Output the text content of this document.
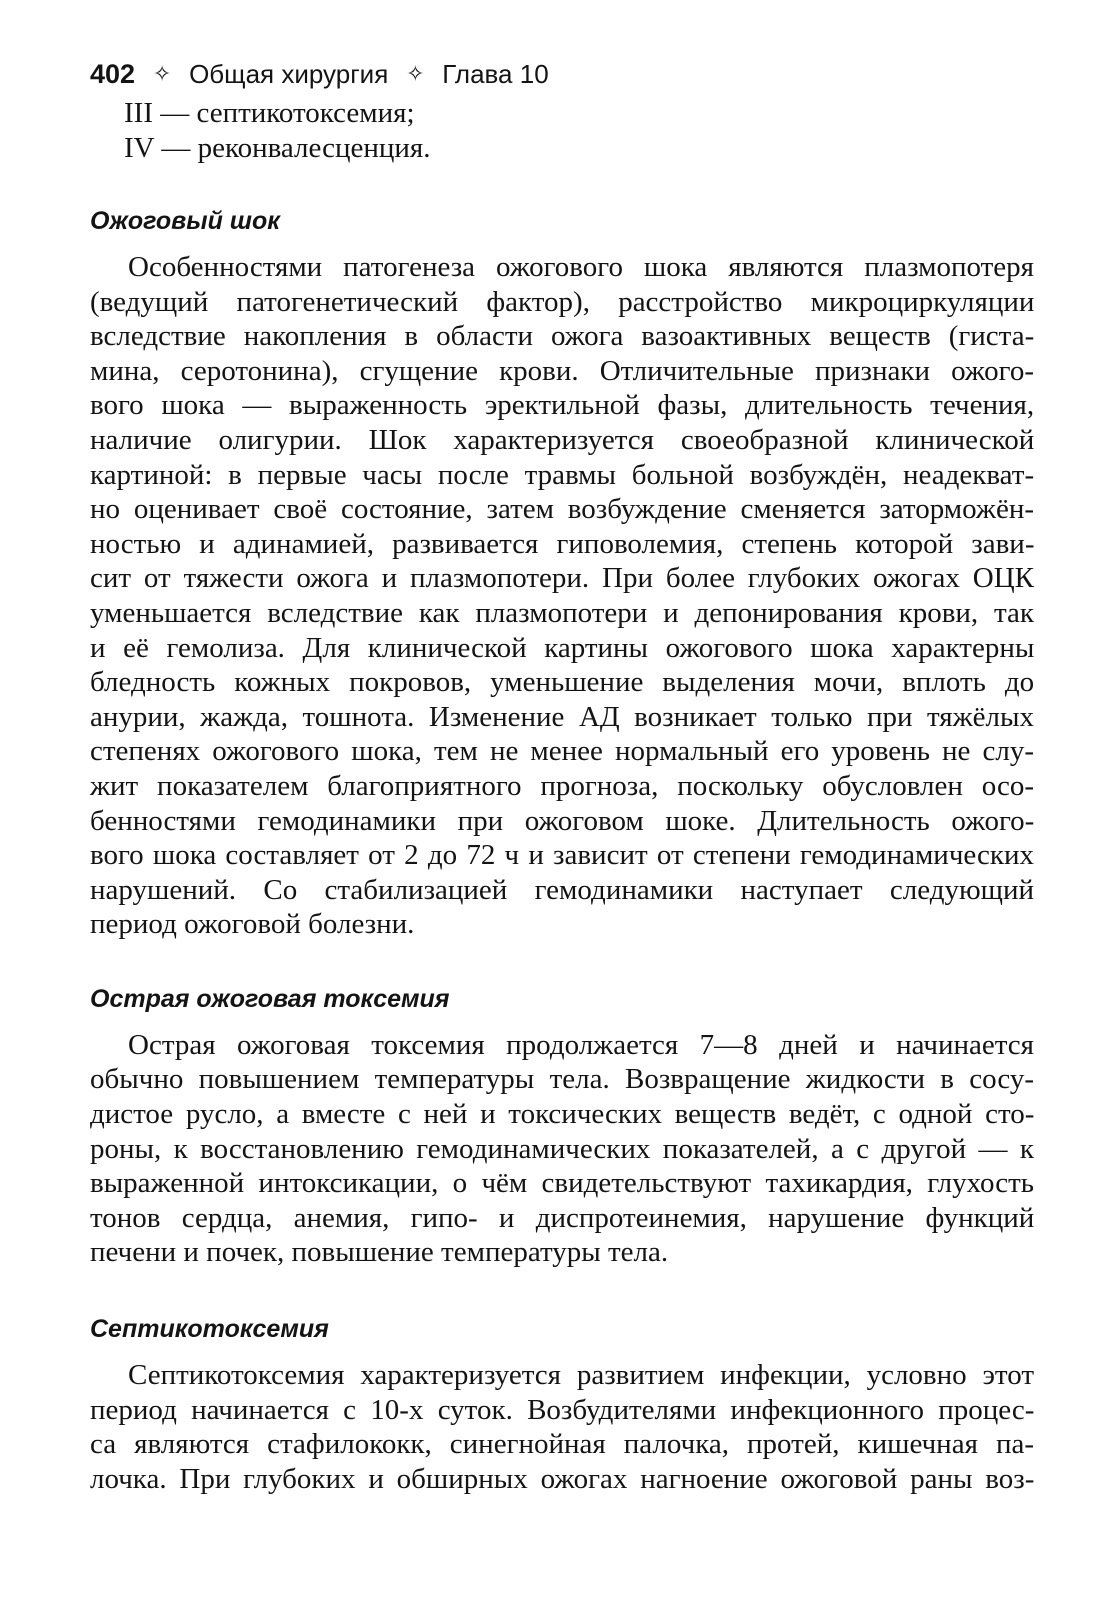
402 ✧ Общая хирургия ✧ Глава 10
III — септикотоксемия;
IV — реконвалесценция.
Ожоговый шок
Особенностями патогенеза ожогового шока являются плазмопотеря
(ведущий патогенетический фактор), расстройство микроциркуляции
вследствие накопления в области ожога вазоактивных веществ (гиста-
мина, серотонина), сгущение крови. Отличительные признаки ожого-
вого шока — выраженность эректильной фазы, длительность течения,
наличие олигурии. Шок характеризуется своеобразной клинической
картиной: в первые часы после травмы больной возбуждён, неадекват-
но оценивает своё состояние, затем возбуждение сменяется заторможён-
ностью и адинамией, развивается гиповолемия, степень которой зави-
сит от тяжести ожога и плазмопотери. При более глубоких ожогах ОЦК
уменьшается вследствие как плазмопотери и депонирования крови, так
и её гемолиза. Для клинической картины ожогового шока характерны
бледность кожных покровов, уменьшение выделения мочи, вплоть до
анурии, жажда, тошнота. Изменение АД возникает только при тяжёлых
степенях ожогового шока, тем не менее нормальный его уровень не слу-
жит показателем благоприятного прогноза, поскольку обусловлен осо-
бенностями гемодинамики при ожоговом шоке. Длительность ожого-
вого шока составляет от 2 до 72 ч и зависит от степени гемодинамических
нарушений. Со стабилизацией гемодинамики наступает следующий
период ожоговой болезни.
Острая ожоговая токсемия
Острая ожоговая токсемия продолжается 7—8 дней и начинается
обычно повышением температуры тела. Возвращение жидкости в сосу-
дистое русло, а вместе с ней и токсических веществ ведёт, с одной сто-
роны, к восстановлению гемодинамических показателей, а с другой — к
выраженной интоксикации, о чём свидетельствуют тахикардия, глухость
тонов сердца, анемия, гипо- и диспротеинемия, нарушение функций
печени и почек, повышение температуры тела.
Септикотоксемия
Септикотоксемия характеризуется развитием инфекции, условно этот
период начинается с 10-х суток. Возбудителями инфекционного процес-
са являются стафилококк, синегнойная палочка, протей, кишечная па-
лочка. При глубоких и обширных ожогах нагноение ожоговой раны воз-
